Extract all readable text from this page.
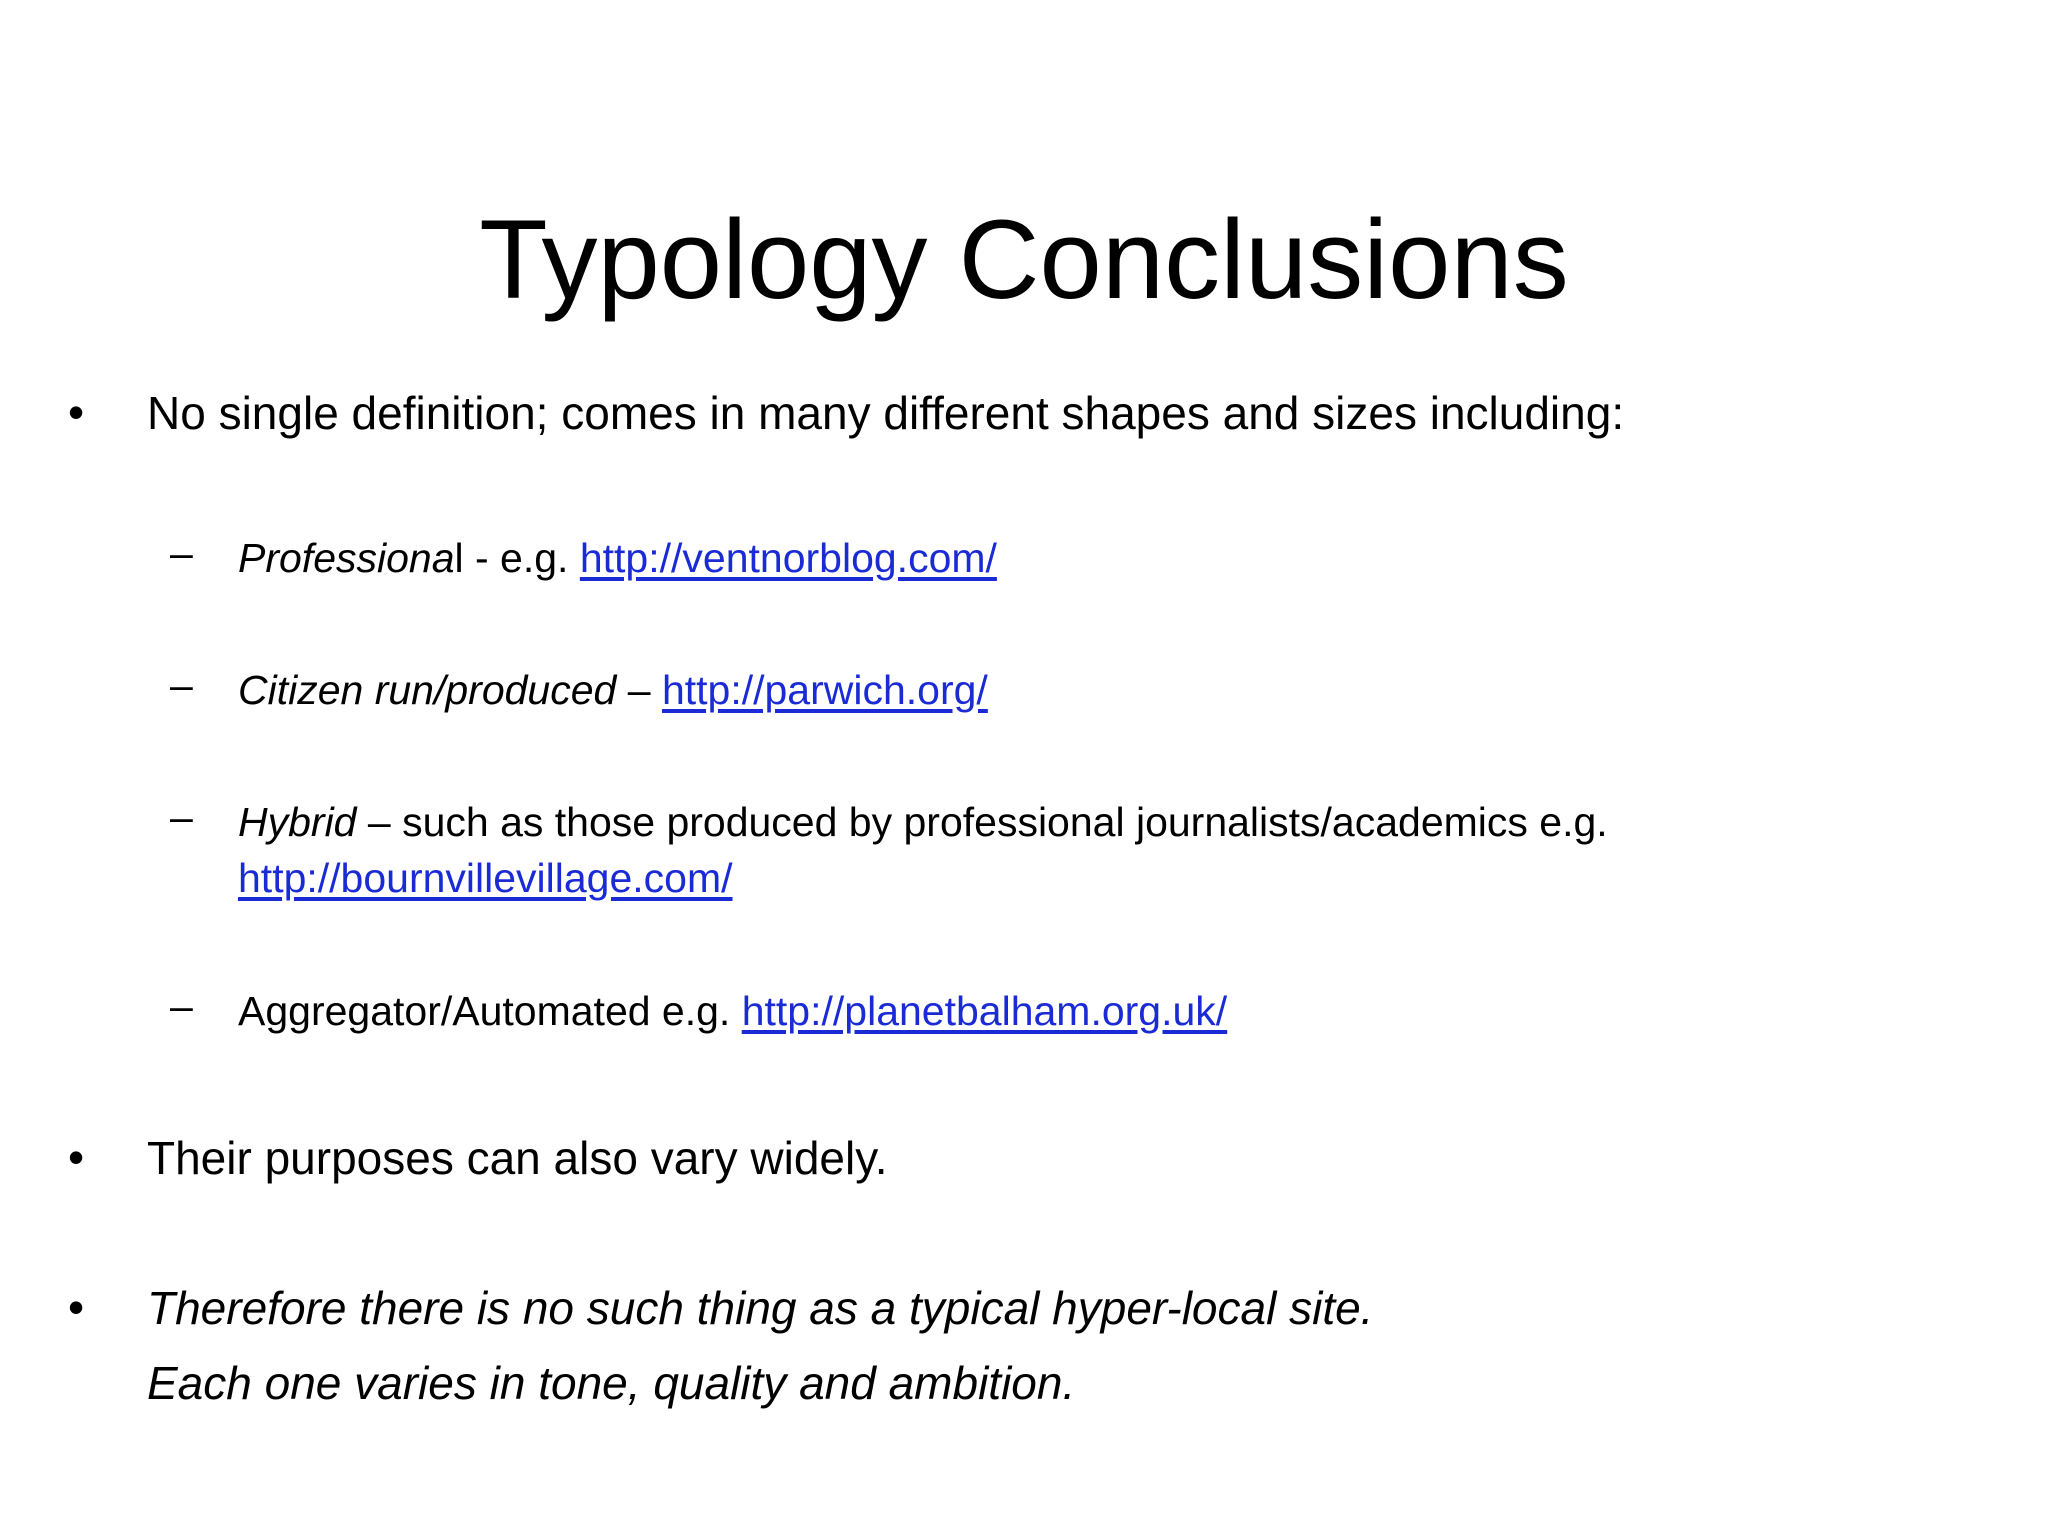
Typology Conclusions
• No single definition; comes in many different shapes and sizes including:
– Professional - e.g. http://ventnorblog.com/
– Citizen run/produced – http://parwich.org/
– Hybrid – such as those produced by professional journalists/academics e.g.
http://bournvillevillage.com/
– Aggregator/Automated e.g. http://planetbalham.org.uk/
• Their purposes can also vary widely.
• Therefore there is no such thing as a typical hyper-local site.
Each one varies in tone, quality and ambition.
